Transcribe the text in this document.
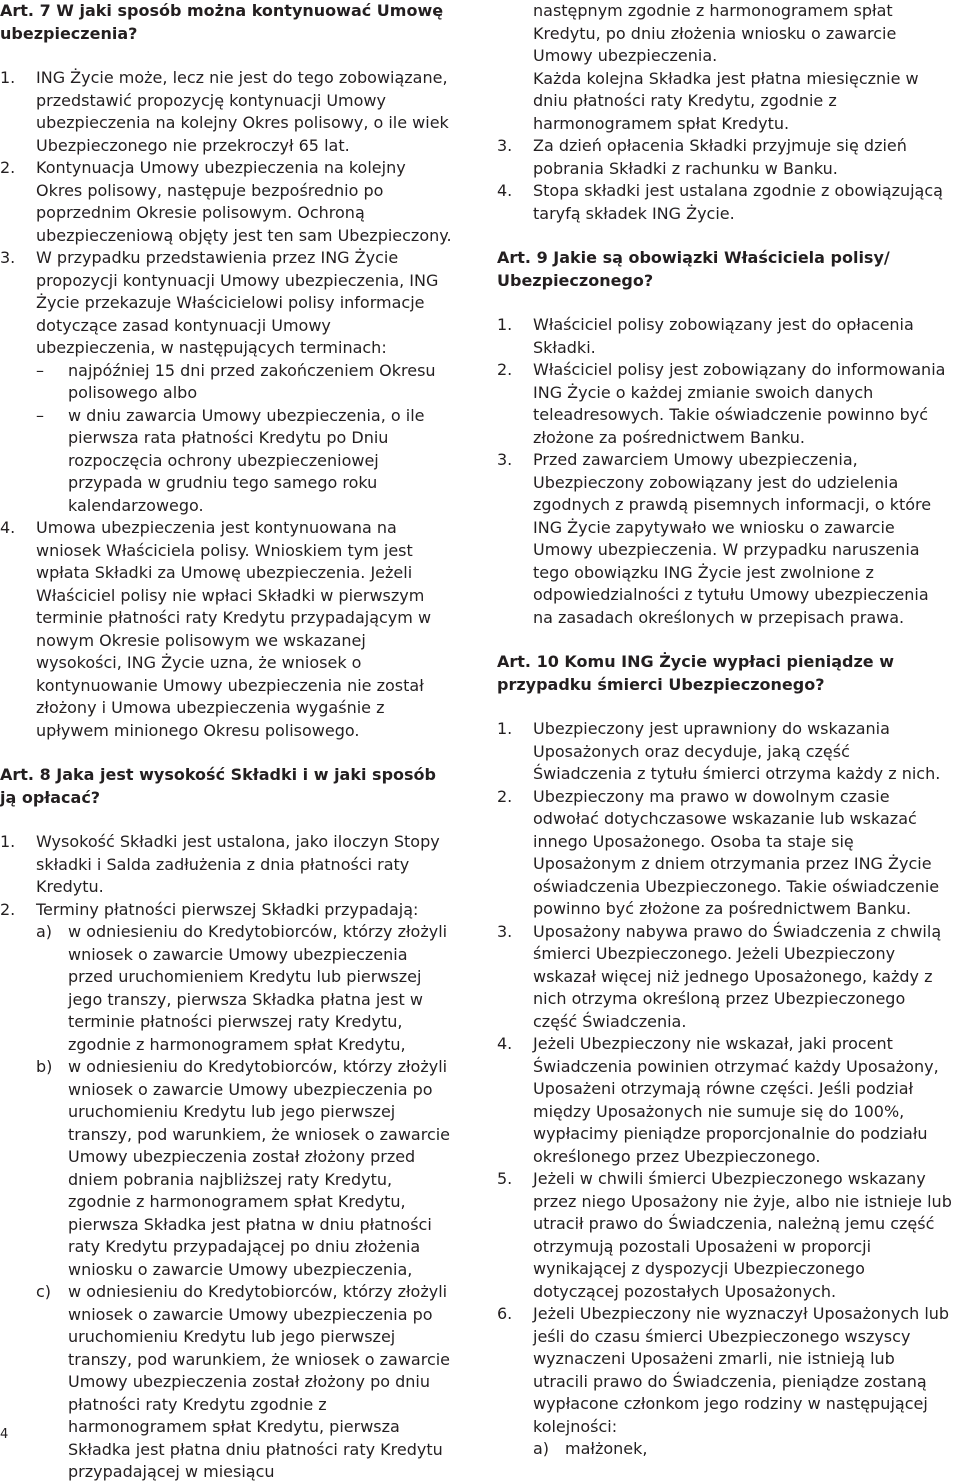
Art. 7 W jaki sposób można kontynuować Umowę ubezpieczenia?

1. ING Życie może, lecz nie jest do tego zobowiązane, przedstawić propozycję kontynuacji Umowy ubezpieczenia na kolejny Okres polisowy, o ile wiek Ubezpieczonego nie przekroczył 65 lat.
2. Kontynuacja Umowy ubezpieczenia na kolejny Okres polisowy, następuje bezpośrednio po poprzednim Okresie polisowym. Ochroną ubezpieczeniową objęty jest ten sam Ubezpieczony.
3. W przypadku przedstawienia przez ING Życie propozycji kontynuacji Umowy ubezpieczenia, ING Życie przekazuje Właścicielowi polisy informacje dotyczące zasad kontynuacji Umowy ubezpieczenia, w następujących terminach:
– najpóźniej 15 dni przed zakończeniem Okresu polisowego albo
– w dniu zawarcia Umowy ubezpieczenia, o ile pierwsza rata płatności Kredytu po Dniu rozpoczęcia ochrony ubezpieczeniowej przypada w grudniu tego samego roku kalendarzowego.
4. Umowa ubezpieczenia jest kontynuowana na wniosek Właściciela polisy. Wnioskiem tym jest wpłata Składki za Umowę ubezpieczenia. Jeżeli Właściciel polisy nie wpłaci Składki w pierwszym terminie płatności raty Kredytu przypadającym w nowym Okresie polisowym we wskazanej wysokości, ING Życie uzna, że wniosek o kontynuowanie Umowy ubezpieczenia nie został złożony i Umowa ubezpieczenia wygaśnie z upływem minionego Okresu polisowego.

Art. 8 Jaka jest wysokość Składki i w jaki sposób ją opłacać?

1. Wysokość Składki jest ustalona, jako iloczyn Stopy składki i Salda zadłużenia z dnia płatności raty Kredytu.
2. Terminy płatności pierwszej Składki przypadają:
a) w odniesieniu do Kredytobiorców, którzy złożyli wniosek o zawarcie Umowy ubezpieczenia przed uruchomieniem Kredytu lub pierwszej jego transzy, pierwsza Składka płatna jest w terminie płatności pierwszej raty Kredytu, zgodnie z harmonogramem spłat Kredytu,
b) w odniesieniu do Kredytobiorców, którzy złożyli wniosek o zawarcie Umowy ubezpieczenia po uruchomieniu Kredytu lub jego pierwszej transzy, pod warunkiem, że wniosek o zawarcie Umowy ubezpieczenia został złożony przed dniem pobrania najbliższej raty Kredytu, zgodnie z harmonogramem spłat Kredytu, pierwsza Składka jest płatna w dniu płatności raty Kredytu przypadającej po dniu złożenia wniosku o zawarcie Umowy ubezpieczenia,
c) w odniesieniu do Kredytobiorców, którzy złożyli wniosek o zawarcie Umowy ubezpieczenia po uruchomieniu Kredytu lub jego pierwszej transzy, pod warunkiem, że wniosek o zawarcie Umowy ubezpieczenia został złożony po dniu płatności raty Kredytu zgodnie z harmonogramem spłat Kredytu, pierwsza Składka jest płatna dniu płatności raty Kredytu przypadającej w miesiącu
następnym zgodnie z harmonogramem spłat Kredytu, po dniu złożenia wniosku o zawarcie Umowy ubezpieczenia.
Każda kolejna Składka jest płatna miesięcznie w dniu płatności raty Kredytu, zgodnie z harmonogramem spłat Kredytu.
3. Za dzień opłacenia Składki przyjmuje się dzień pobrania Składki z rachunku w Banku.
4. Stopa składki jest ustalana zgodnie z obowiązującą taryfą składek ING Życie.

Art. 9 Jakie są obowiązki Właściciela polisy/ Ubezpieczonego?

1. Właściciel polisy zobowiązany jest do opłacenia Składki.
2. Właściciel polisy jest zobowiązany do informowania ING Życie o każdej zmianie swoich danych teleadresowych. Takie oświadczenie powinno być złożone za pośrednictwem Banku.
3. Przed zawarciem Umowy ubezpieczenia, Ubezpieczony zobowiązany jest do udzielenia zgodnych z prawdą pisemnych informacji, o które ING Życie zapytywało we wniosku o zawarcie Umowy ubezpieczenia. W przypadku naruszenia tego obowiązku ING Życie jest zwolnione z odpowiedzialności z tytułu Umowy ubezpieczenia na zasadach określonych w przepisach prawa.

Art. 10 Komu ING Życie wypłaci pieniądze w przypadku śmierci Ubezpieczonego?

1. Ubezpieczony jest uprawniony do wskazania Uposażonych oraz decyduje, jaką część Świadczenia z tytułu śmierci otrzyma każdy z nich.
2. Ubezpieczony ma prawo w dowolnym czasie odwołać dotychczasowe wskazanie lub wskazać innego Uposażonego. Osoba ta staje się Uposażonym z dniem otrzymania przez ING Życie oświadczenia Ubezpieczonego. Takie oświadczenie powinno być złożone za pośrednictwem Banku.
3. Uposażony nabywa prawo do Świadczenia z chwilą śmierci Ubezpieczonego. Jeżeli Ubezpieczony wskazał więcej niż jednego Uposażonego, każdy z nich otrzyma określoną przez Ubezpieczonego część Świadczenia.
4. Jeżeli Ubezpieczony nie wskazał, jaki procent Świadczenia powinien otrzymać każdy Uposażony, Uposażeni otrzymają równe części. Jeśli podział między Uposażonych nie sumuje się do 100%, wypłacimy pieniądze proporcjonalnie do podziału określonego przez Ubezpieczonego.
5. Jeżeli w chwili śmierci Ubezpieczonego wskazany przez niego Uposażony nie żyje, albo nie istnieje lub utracił prawo do Świadczenia, należną jemu część otrzymują pozostali Uposażeni w proporcji wynikającej z dyspozycji Ubezpieczonego dotyczącej pozostałych Uposażonych.
6. Jeżeli Ubezpieczony nie wyznaczył Uposażonych lub jeśli do czasu śmierci Ubezpieczonego wszyscy wyznaczeni Uposażeni zmarli, nie istnieją lub utracili prawo do Świadczenia, pieniądze zostaną wypłacone członkom jego rodziny w następującej kolejności:
a) małżonek,
4
